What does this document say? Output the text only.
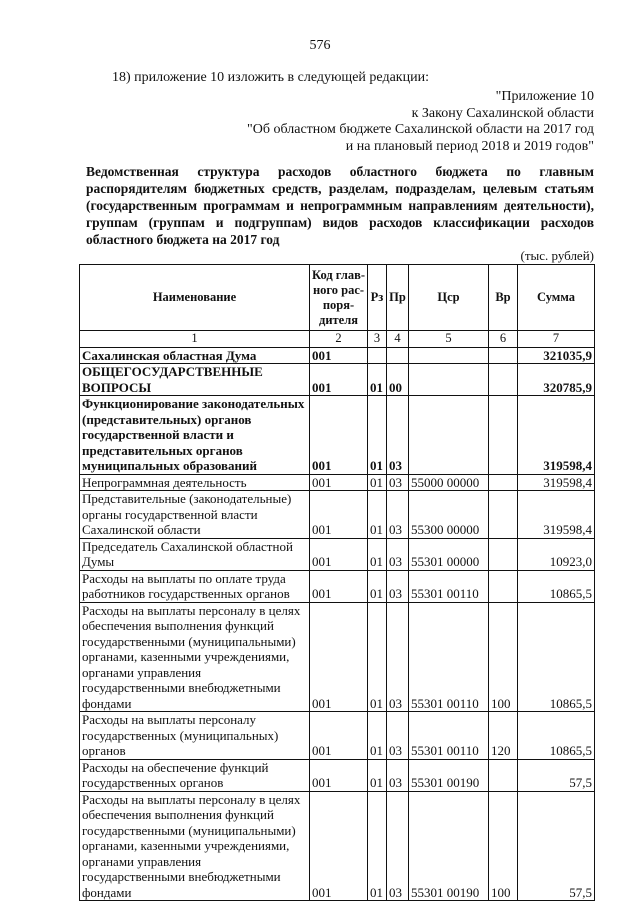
576
18) приложение 10 изложить в следующей редакции:
"Приложение 10
к Закону Сахалинской области
"Об областном бюджете Сахалинской области на 2017 год
и на плановый период 2018 и 2019 годов"
Ведомственная структура расходов областного бюджета по главным распорядителям бюджетных средств, разделам, подразделам, целевым статьям (государственным программам и непрограммным направлениям деятельности), группам (группам и подгруппам) видов расходов классификации расходов областного бюджета на 2017 год
(тыс. рублей)
Наименование	Код глав-ного рас-поря-дителя	Рз	Пр	Цср	Вр	Сумма
1	2	3	4	5	6	7
Сахалинская областная Дума	001					321035,9
ОБЩЕГОСУДАРСТВЕННЫЕ ВОПРОСЫ	001	01	00			320785,9
Функционирование законодательных (представительных) органов государственной власти и представительных органов муниципальных образований	001	01	03			319598,4
Непрограммная деятельность	001	01	03	55000 00000		319598,4
Представительные (законодательные) органы государственной власти Сахалинской области	001	01	03	55300 00000		319598,4
Председатель Сахалинской областной Думы	001	01	03	55301 00000		10923,0
Расходы на выплаты по оплате труда работников государственных органов	001	01	03	55301 00110		10865,5
Расходы на выплаты персоналу в целях обеспечения выполнения функций государственными (муниципальными) органами, казенными учреждениями, органами управления государственными внебюджетными фондами	001	01	03	55301 00110	100	10865,5
Расходы на выплаты персоналу государственных (муниципальных) органов	001	01	03	55301 00110	120	10865,5
Расходы на обеспечение функций государственных органов	001	01	03	55301 00190		57,5
Расходы на выплаты персоналу в целях обеспечения выполнения функций государственными (муниципальными) органами, казенными учреждениями, органами управления государственными внебюджетными фондами	001	01	03	55301 00190	100	57,5
